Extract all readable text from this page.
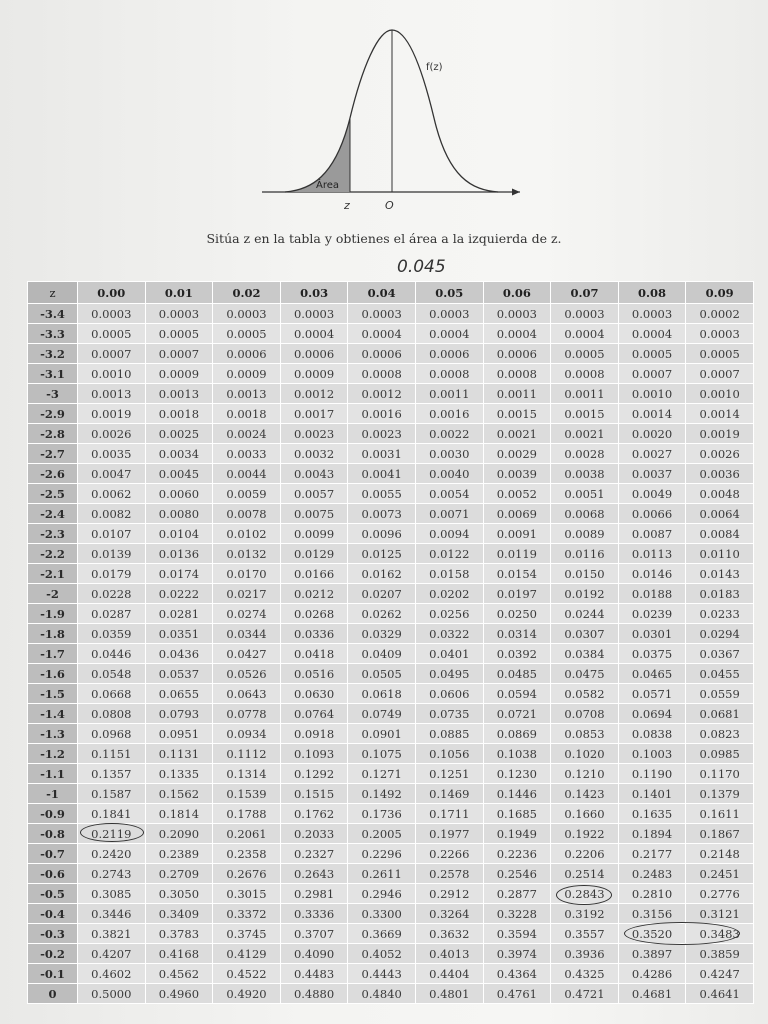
f(z)
Área
z	O
Sitúa z en la tabla y obtienes el área a la izquierda de z.
0.045
z	0.00	0.01	0.02	0.03	0.04	0.05	0.06	0.07	0.08	0.09
-3.4	0.0003	0.0003	0.0003	0.0003	0.0003	0.0003	0.0003	0.0003	0.0003	0.0002
-3.3	0.0005	0.0005	0.0005	0.0004	0.0004	0.0004	0.0004	0.0004	0.0004	0.0003
-3.2	0.0007	0.0007	0.0006	0.0006	0.0006	0.0006	0.0006	0.0005	0.0005	0.0005
-3.1	0.0010	0.0009	0.0009	0.0009	0.0008	0.0008	0.0008	0.0008	0.0007	0.0007
-3	0.0013	0.0013	0.0013	0.0012	0.0012	0.0011	0.0011	0.0011	0.0010	0.0010
-2.9	0.0019	0.0018	0.0018	0.0017	0.0016	0.0016	0.0015	0.0015	0.0014	0.0014
-2.8	0.0026	0.0025	0.0024	0.0023	0.0023	0.0022	0.0021	0.0021	0.0020	0.0019
-2.7	0.0035	0.0034	0.0033	0.0032	0.0031	0.0030	0.0029	0.0028	0.0027	0.0026
-2.6	0.0047	0.0045	0.0044	0.0043	0.0041	0.0040	0.0039	0.0038	0.0037	0.0036
-2.5	0.0062	0.0060	0.0059	0.0057	0.0055	0.0054	0.0052	0.0051	0.0049	0.0048
-2.4	0.0082	0.0080	0.0078	0.0075	0.0073	0.0071	0.0069	0.0068	0.0066	0.0064
-2.3	0.0107	0.0104	0.0102	0.0099	0.0096	0.0094	0.0091	0.0089	0.0087	0.0084
-2.2	0.0139	0.0136	0.0132	0.0129	0.0125	0.0122	0.0119	0.0116	0.0113	0.0110
-2.1	0.0179	0.0174	0.0170	0.0166	0.0162	0.0158	0.0154	0.0150	0.0146	0.0143
-2	0.0228	0.0222	0.0217	0.0212	0.0207	0.0202	0.0197	0.0192	0.0188	0.0183
-1.9	0.0287	0.0281	0.0274	0.0268	0.0262	0.0256	0.0250	0.0244	0.0239	0.0233
-1.8	0.0359	0.0351	0.0344	0.0336	0.0329	0.0322	0.0314	0.0307	0.0301	0.0294
-1.7	0.0446	0.0436	0.0427	0.0418	0.0409	0.0401	0.0392	0.0384	0.0375	0.0367
-1.6	0.0548	0.0537	0.0526	0.0516	0.0505	0.0495	0.0485	0.0475	0.0465	0.0455
-1.5	0.0668	0.0655	0.0643	0.0630	0.0618	0.0606	0.0594	0.0582	0.0571	0.0559
-1.4	0.0808	0.0793	0.0778	0.0764	0.0749	0.0735	0.0721	0.0708	0.0694	0.0681
-1.3	0.0968	0.0951	0.0934	0.0918	0.0901	0.0885	0.0869	0.0853	0.0838	0.0823
-1.2	0.1151	0.1131	0.1112	0.1093	0.1075	0.1056	0.1038	0.1020	0.1003	0.0985
-1.1	0.1357	0.1335	0.1314	0.1292	0.1271	0.1251	0.1230	0.1210	0.1190	0.1170
-1	0.1587	0.1562	0.1539	0.1515	0.1492	0.1469	0.1446	0.1423	0.1401	0.1379
-0.9	0.1841	0.1814	0.1788	0.1762	0.1736	0.1711	0.1685	0.1660	0.1635	0.1611
-0.8	0.2119	0.2090	0.2061	0.2033	0.2005	0.1977	0.1949	0.1922	0.1894	0.1867
-0.7	0.2420	0.2389	0.2358	0.2327	0.2296	0.2266	0.2236	0.2206	0.2177	0.2148
-0.6	0.2743	0.2709	0.2676	0.2643	0.2611	0.2578	0.2546	0.2514	0.2483	0.2451
-0.5	0.3085	0.3050	0.3015	0.2981	0.2946	0.2912	0.2877	0.2843	0.2810	0.2776
-0.4	0.3446	0.3409	0.3372	0.3336	0.3300	0.3264	0.3228	0.3192	0.3156	0.3121
-0.3	0.3821	0.3783	0.3745	0.3707	0.3669	0.3632	0.3594	0.3557	0.3520	0.3483
-0.2	0.4207	0.4168	0.4129	0.4090	0.4052	0.4013	0.3974	0.3936	0.3897	0.3859
-0.1	0.4602	0.4562	0.4522	0.4483	0.4443	0.4404	0.4364	0.4325	0.4286	0.4247
0	0.5000	0.4960	0.4920	0.4880	0.4840	0.4801	0.4761	0.4721	0.4681	0.4641
